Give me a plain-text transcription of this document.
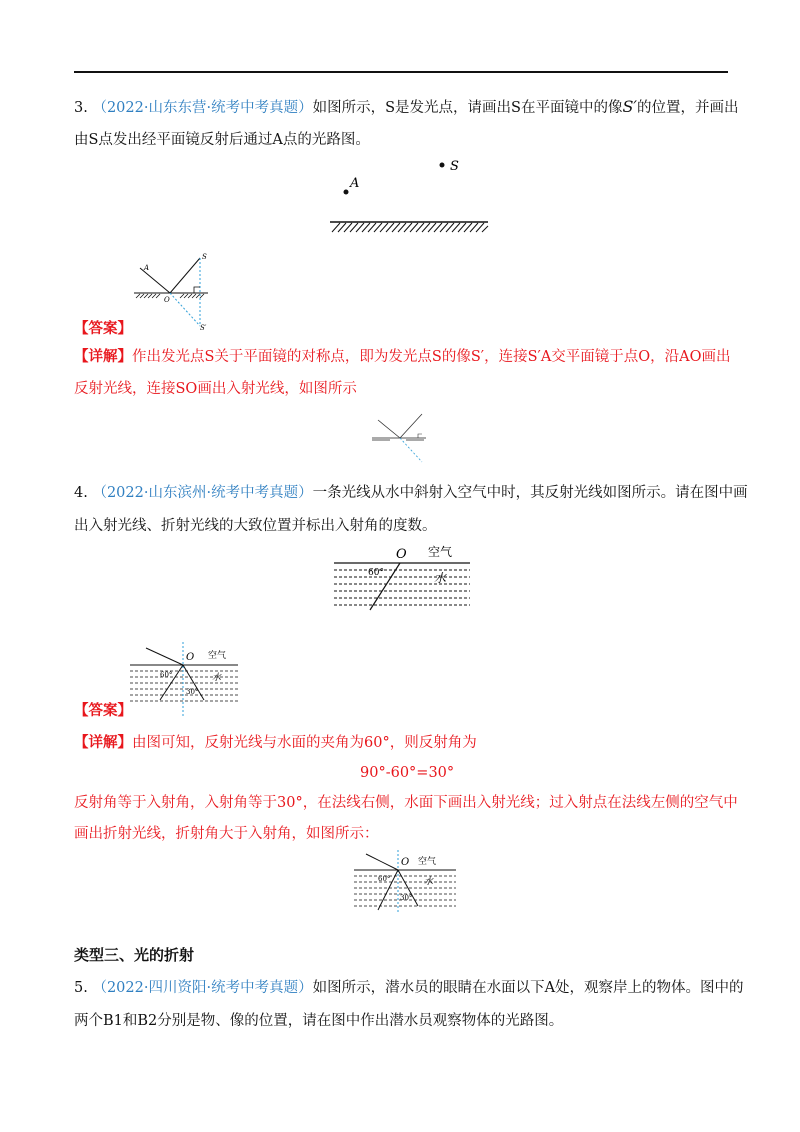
3. （2022·山东东营·统考中考真题）如图所示，S是发光点，请画出S在平面镜中的像S′的位置，并画出
由S点发出经平面镜反射后通过A点的光路图。
S
A
A
S
O
S′
【答案】
【详解】作出发光点S关于平面镜的对称点，即为发光点S的像S′，连接S′A交平面镜于点O，沿AO画出
反射光线，连接SO画出入射光线，如图所示
4. （2022·山东滨州·统考中考真题）一条光线从水中斜射入空气中时，其反射光线如图所示。请在图中画
出入射光线、折射光线的大致位置并标出入射角的度数。
O 空气
水
60°
O 空气
水
60°
30°
【答案】
【详解】由图可知，反射光线与水面的夹角为60°，则反射角为
90°-60°=30°
反射角等于入射角，入射角等于30°，在法线右侧，水面下画出入射光线；过入射点在法线左侧的空气中
画出折射光线，折射角大于入射角，如图所示：
O 空气
水
60°
30°
类型三、光的折射
5. （2022·四川资阳·统考中考真题）如图所示，潜水员的眼睛在水面以下A处，观察岸上的物体。图中的
两个B1和B2分别是物、像的位置，请在图中作出潜水员观察物体的光路图。
